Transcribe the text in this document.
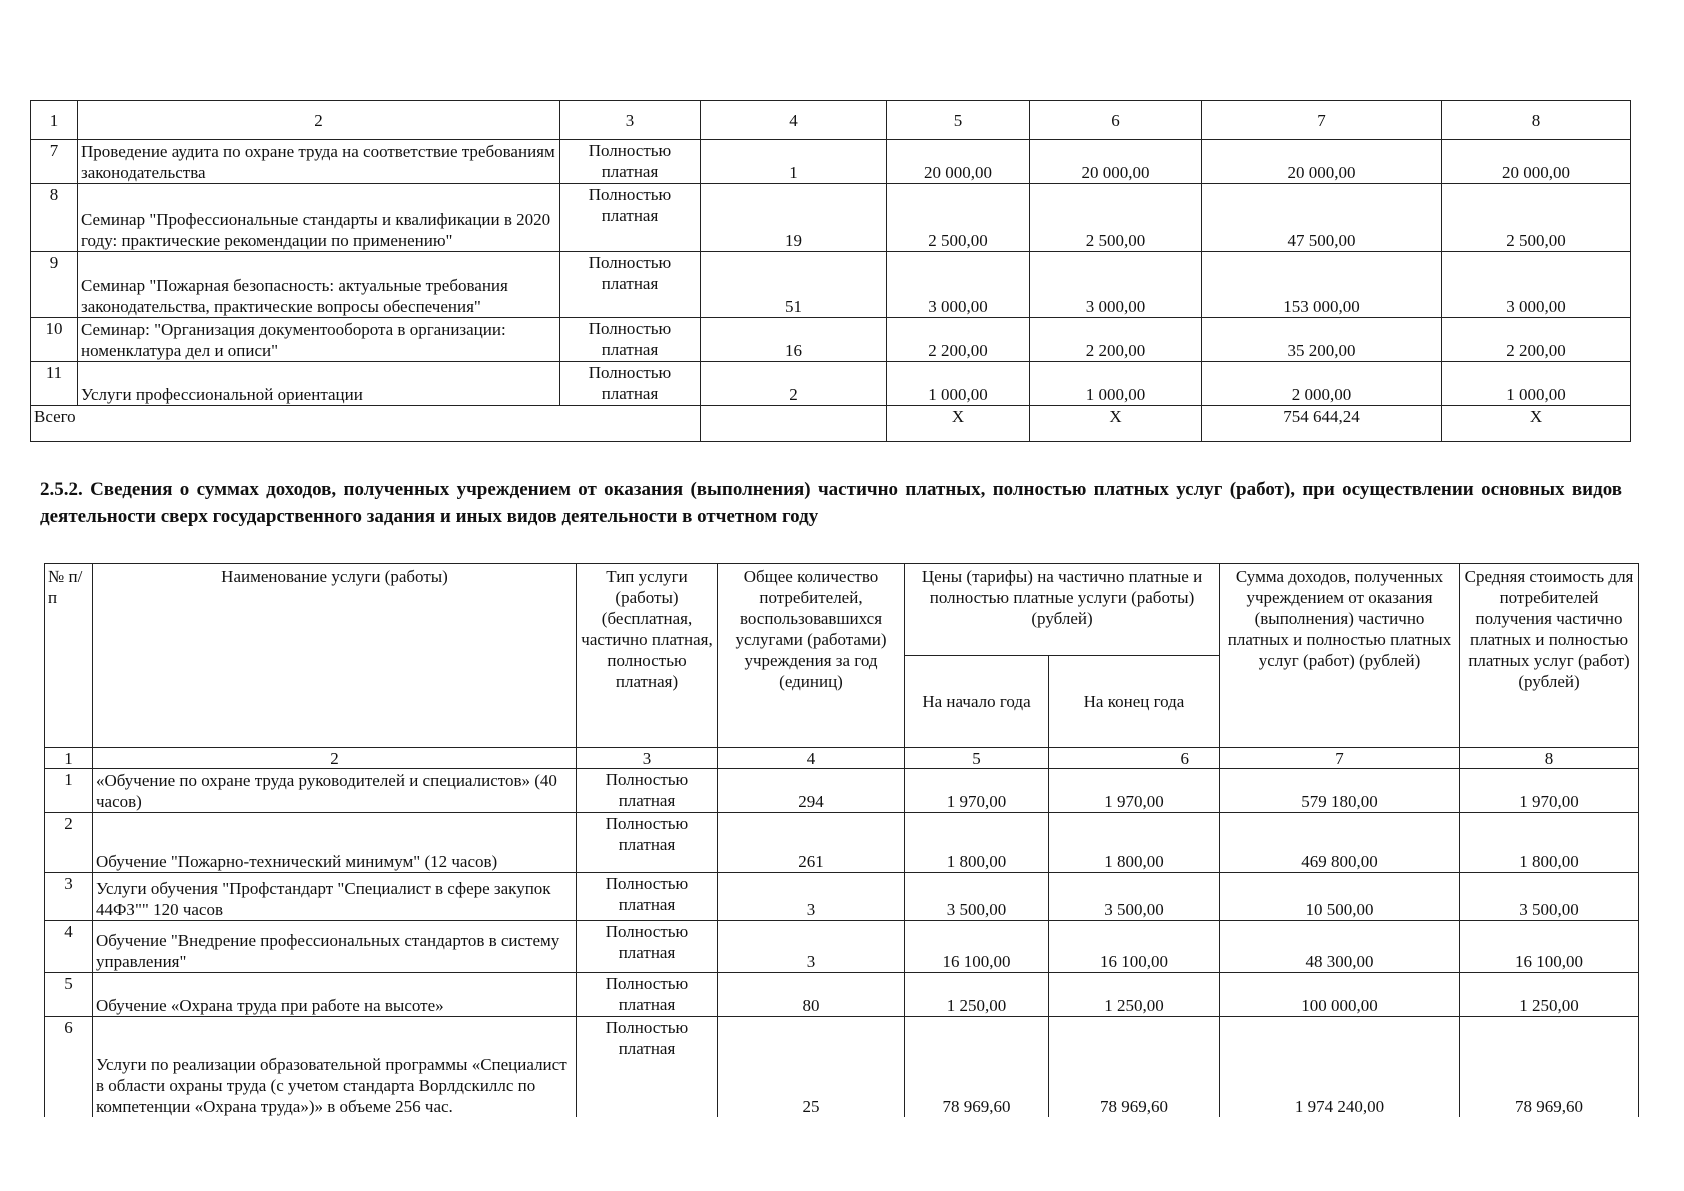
1	2	3	4	5	6	7	8
7	Проведение аудита по охране труда на соответствие требованиям законодательства	Полностью платная	1	20 000,00	20 000,00	20 000,00	20 000,00
8	Семинар "Профессиональные стандарты и квалификации в 2020 году: практические рекомендации по применению"	Полностью платная	19	2 500,00	2 500,00	47 500,00	2 500,00
9	Семинар "Пожарная безопасность: актуальные требования законодательства, практические вопросы обеспечения"	Полностью платная	51	3 000,00	3 000,00	153 000,00	3 000,00
10	Семинар: "Организация документооборота в организации: номенклатура дел и описи"	Полностью платная	16	2 200,00	2 200,00	35 200,00	2 200,00
11	Услуги профессиональной ориентации	Полностью платная	2	1 000,00	1 000,00	2 000,00	1 000,00
Всего				X	X	754 644,24	X
2.5.2. Сведения о суммах доходов, полученных учреждением от оказания (выполнения) частично платных, полностью платных услуг (работ), при осуществлении основных видов деятельности сверх государственного задания и иных видов деятельности в отчетном году
№ п/п	Наименование услуги (работы)	Тип услуги (работы) (бесплатная, частично платная, полностью платная)	Общее количество потребителей, воспользовавшихся услугами (работами) учреждения за год (единиц)	Цены (тарифы) на частично платные и полностью платные услуги (работы) (рублей)		Сумма доходов, полученных учреждением от оказания (выполнения) частично платных и полностью платных услуг (работ) (рублей)	Средняя стоимость для потребителей получения частично платных и полностью платных услуг (работ) (рублей)
				На начало года	На конец года		
1	2	3	4	5	6	7	8
1	«Обучение по охране труда руководителей и специалистов» (40 часов)	Полностью платная	294	1 970,00	1 970,00	579 180,00	1 970,00
2	Обучение "Пожарно-технический минимум" (12 часов)	Полностью платная	261	1 800,00	1 800,00	469 800,00	1 800,00
3	Услуги обучения "Профстандарт "Специалист в сфере закупок 44ФЗ"" 120 часов	Полностью платная	3	3 500,00	3 500,00	10 500,00	3 500,00
4	Обучение "Внедрение профессиональных стандартов в систему управления"	Полностью платная	3	16 100,00	16 100,00	48 300,00	16 100,00
5	Обучение «Охрана труда при работе на высоте»	Полностью платная	80	1 250,00	1 250,00	100 000,00	1 250,00
6	Услуги по реализации образовательной программы «Специалист в области охраны труда (с учетом стандарта Ворлдскиллс по компетенции «Охрана труда»)» в объеме 256 час.	Полностью платная	25	78 969,60	78 969,60	1 974 240,00	78 969,60
